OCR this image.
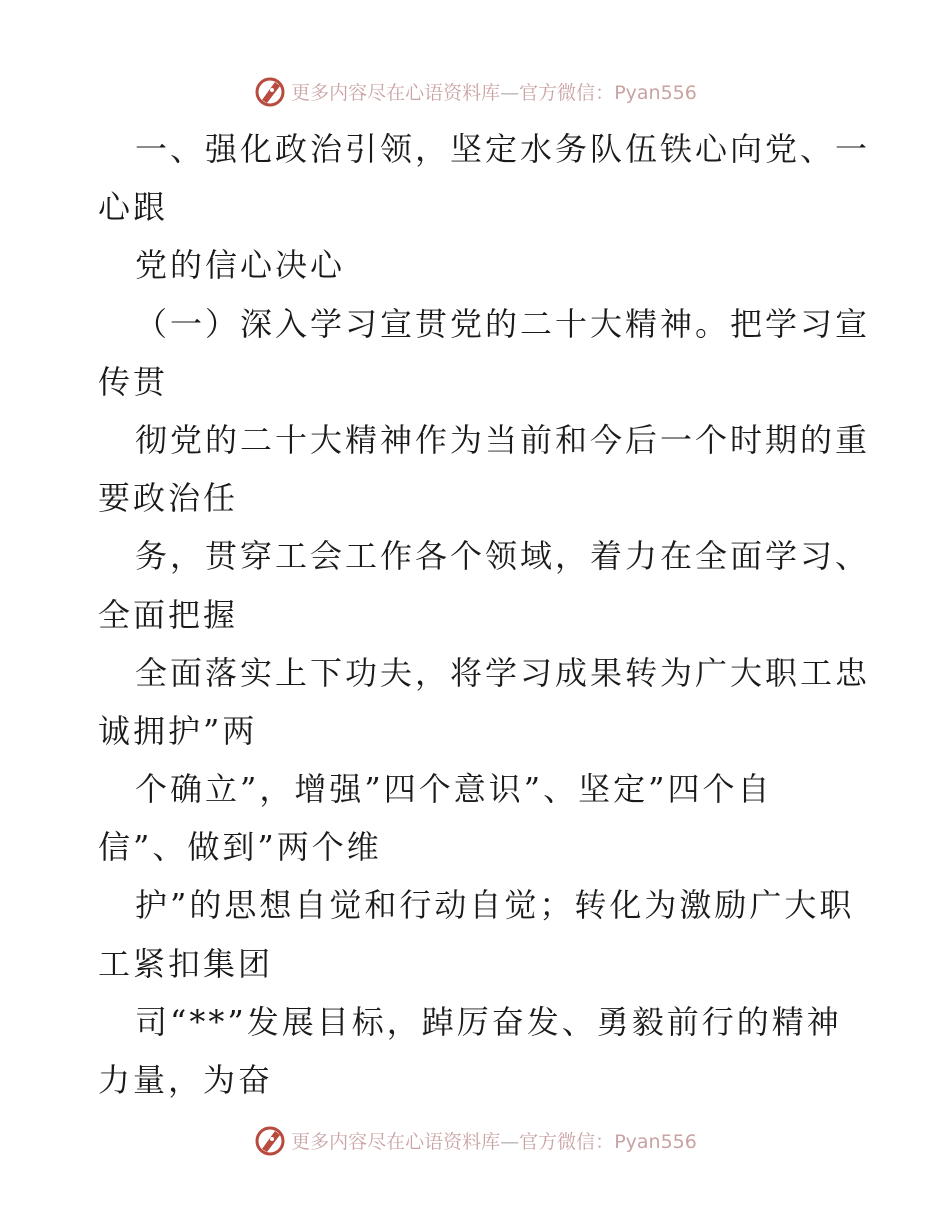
更多内容尽在心语资料库—官方微信：Pyan556
一、强化政治引领，坚定水务队伍铁心向党、一
心跟
党的信心决心
（一）深入学习宣贯党的二十大精神。把学习宣
传贯
彻党的二十大精神作为当前和今后一个时期的重
要政治任
务，贯穿工会工作各个领域，着力在全面学习、
全面把握
全面落实上下功夫，将学习成果转为广大职工忠
诚拥护”两
个确立”，增强”四个意识”、坚定”四个自
信”、做到”两个维
护”的思想自觉和行动自觉；转化为激励广大职
工紧扣集团
司“**”发展目标，踔厉奋发、勇毅前行的精神
力量，为奋
更多内容尽在心语资料库—官方微信：Pyan556
